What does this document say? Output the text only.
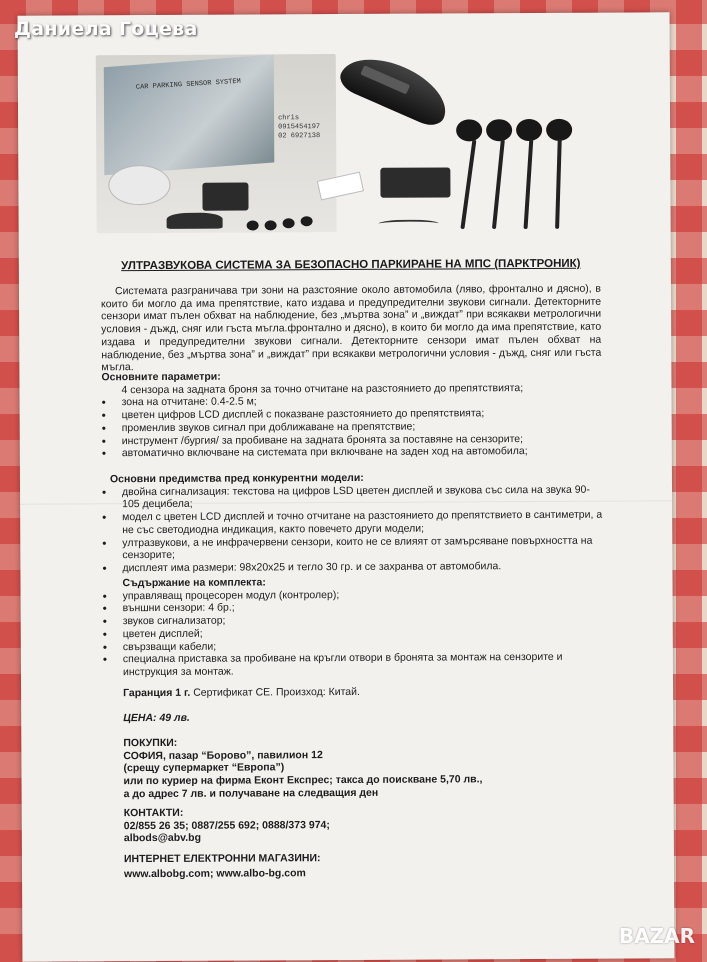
CAR PARKING SENSOR SYSTEM
chris
0915454197
02 6927138
УЛТРАЗВУКОВА СИСТЕМА ЗА БЕЗОПАСНО ПАРКИРАНЕ НА МПС (ПАРКТРОНИК)

Системата разграничава три зони на разстояние около автомобила (ляво, фронтално и дясно), в които би могло да има препятствие, като издава и предупредителни звукови сигнали. Детекторните сензори имат пълен обхват на наблюдение, без „мъртва зона” и „виждат” при всякакви метрологични условия - дъжд, сняг или гъста мъгла.фронтално и дясно), в които би могло да има препятствие, като издава и предупредителни звукови сигнали. Детекторните сензори имат пълен обхват на наблюдение, без „мъртва зона” и „виждат” при всякакви метрологични условия - дъжд, сняг или гъста мъгла.

Основните параметри:

4 сензора на задната броня за точно отчитане на разстоянието до препятствията;
• зона на отчитане: 0.4-2.5 м;
• цветен цифров LCD дисплей с показване разстоянието до препятствията;
• променлив звуков сигнал при доближаване на препятствие;
• инструмент /бургия/ за пробиване на задната бронята за поставяне на сензорите;
• автоматично включване на системата при включване на заден ход на автомобила;

Основни предимства пред конкурентни модели:

• двойна сигнализация: текстова на цифров LSD цветен дисплей и звукова със сила на звука 90-105 децибела;
• модел с цветен LCD дисплей и точно отчитане на разстоянието до препятствието в сантиметри, а не със светодиодна индикация, както повечето други модели;
• ултразвукови, а не инфрачервени сензори, които не се влияят от замърсяване повърхността на сензорите;
• дисплеят има размери: 98х20х25 и тегло 30 гр. и се захранва от автомобила.

Съдържание на комплекта:

• управляващ процесорен модул (контролер);
• външни сензори: 4 бр.;
• звуков сигнализатор;
• цветен дисплей;
• свързващи кабели;
• специална приставка за пробиване на кръгли отвори в бронята за монтаж на сензорите и инструкция за монтаж.
Гаранция 1 г. Сертификат СЕ. Произход: Китай.
ЦЕНА: 49 лв.

ПОКУПКИ:

СОФИЯ, пазар “Борово”, павилион 12

(срещу супермаркет “Европа”)

или по куриер на фирма Еконт Експрес; такса до поискване 5,70 лв.,

а до адрес 7 лв. и получаване на следващия ден

КОНТАКТИ:

02/855 26 35; 0887/255 692; 0888/373 974;

albods@abv.bg

ИНТЕРНЕТ ЕЛЕКТРОННИ МАГАЗИНИ:

www.albobg.com; www.albo-bg.com

Даниела Гоцева
BAZAR
